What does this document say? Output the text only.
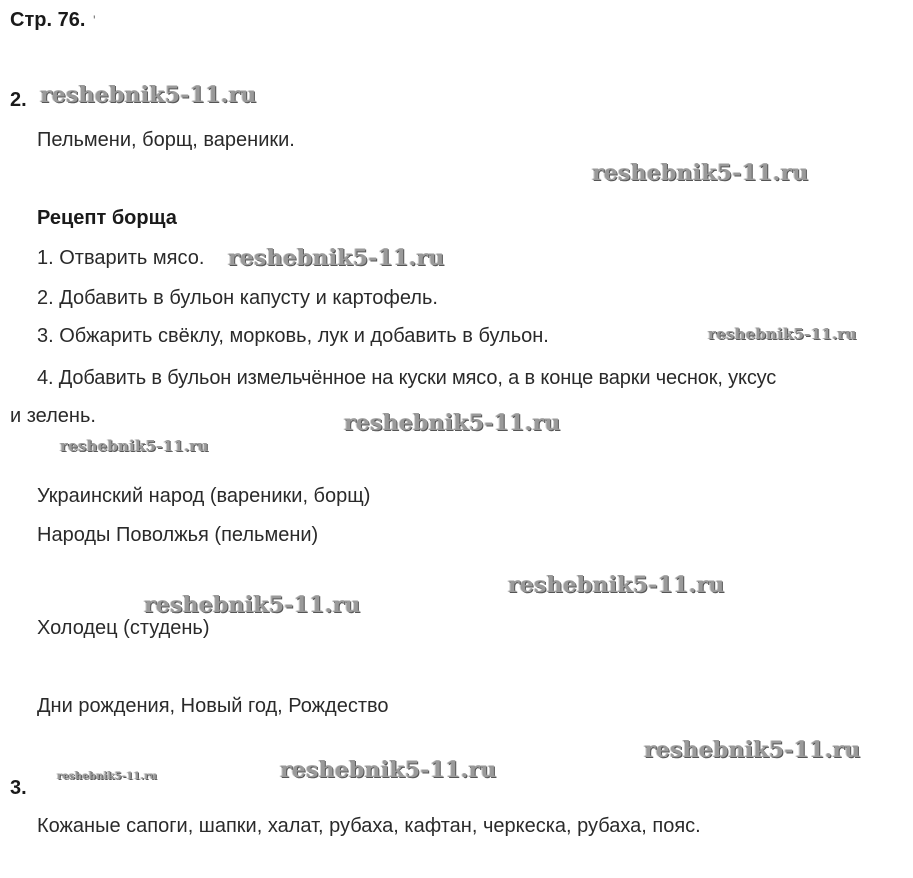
Стр. 76. '
2.
Пельмени, борщ, вареники.
Рецепт борща
1. Отварить мясо.
2. Добавить в бульон капусту и картофель.
3. Обжарить свёклу, морковь, лук и добавить в бульон.
4. Добавить в бульон измельчённое на куски мясо, а в конце варки чеснок, уксус
и зелень.
Украинский народ (вареники, борщ)
Народы Поволжья (пельмени)
Холодец (студень)
Дни рождения, Новый год, Рождество
3.
Кожаные сапоги, шапки, халат, рубаха, кафтан, черкеска, рубаха, пояс.
reshebnik5-11.ru
reshebnik5-11.ru
reshebnik5-11.ru
reshebnik5-11.ru
reshebnik5-11.ru
reshebnik5-11.ru
reshebnik5-11.ru
reshebnik5-11.ru
reshebnik5-11.ru
reshebnik5-11.ru	reshebnik5-11.ru
